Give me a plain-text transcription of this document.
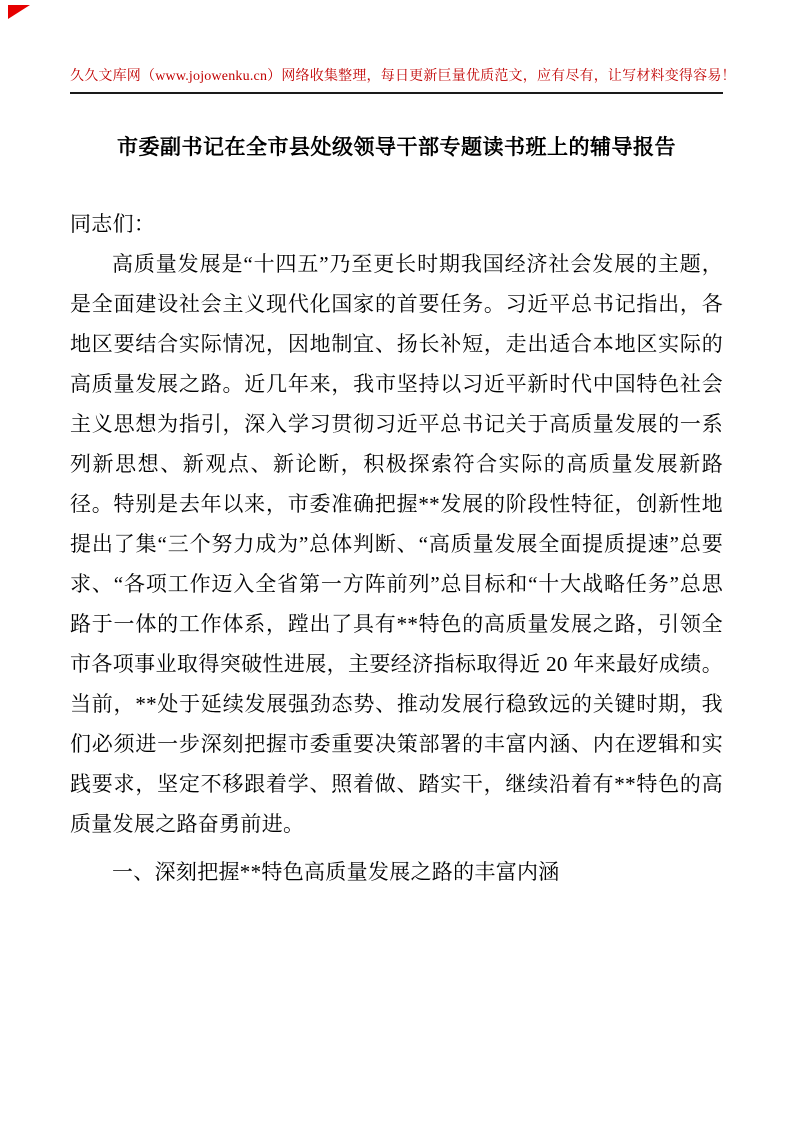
久久文库网（www.jojowenku.cn）网络收集整理，每日更新巨量优质范文，应有尽有，让写材料变得容易！
市委副书记在全市县处级领导干部专题读书班上的辅导报告

同志们：

高质量发展是“十四五”乃至更长时期我国经济社会发展的主题，是全面建设社会主义现代化国家的首要任务。习近平总书记指出，各地区要结合实际情况，因地制宜、扬长补短，走出适合本地区实际的高质量发展之路。近几年来，我市坚持以习近平新时代中国特色社会主义思想为指引，深入学习贯彻习近平总书记关于高质量发展的一系列新思想、新观点、新论断，积极探索符合实际的高质量发展新路径。特别是去年以来，市委准确把握**发展的阶段性特征，创新性地提出了集“三个努力成为”总体判断、“高质量发展全面提质提速”总要求、“各项工作迈入全省第一方阵前列”总目标和“十大战略任务”总思路于一体的工作体系，蹚出了具有**特色的高质量发展之路，引领全市各项事业取得突破性进展，主要经济指标取得近 20 年来最好成绩。当前，**处于延续发展强劲态势、推动发展行稳致远的关键时期，我们必须进一步深刻把握市委重要决策部署的丰富内涵、内在逻辑和实践要求，坚定不移跟着学、照着做、踏实干，继续沿着有**特色的高质量发展之路奋勇前进。

一、深刻把握**特色高质量发展之路的丰富内涵
